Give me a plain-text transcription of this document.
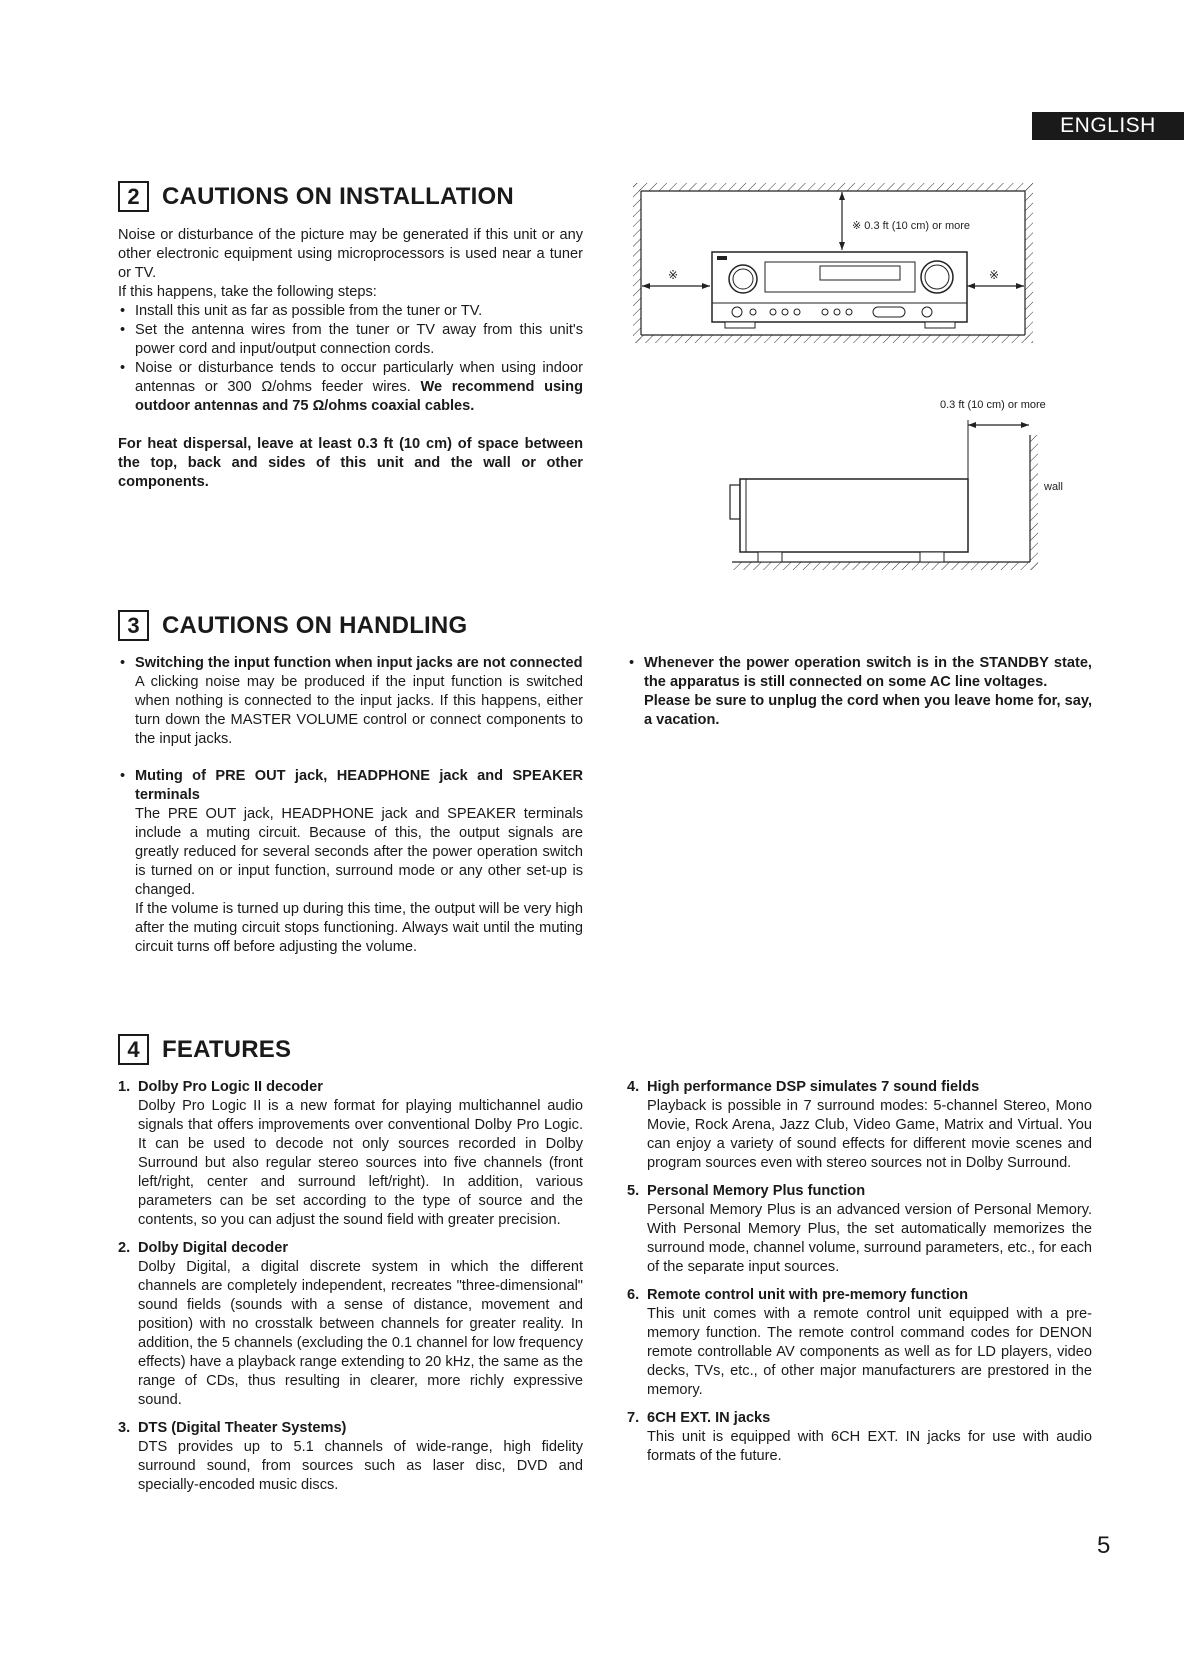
ENGLISH
2 CAUTIONS ON INSTALLATION

Noise or disturbance of the picture may be generated if this unit or any other electronic equipment using microprocessors is used near a tuner or TV.

If this happens, take the following steps:

• Install this unit as far as possible from the tuner or TV.
• Set the antenna wires from the tuner or TV away from this unit's power cord and input/output connection cords.
• Noise or disturbance tends to occur particularly when using indoor antennas or 300 Ω/ohms feeder wires. We recommend using outdoor antennas and 75 Ω/ohms coaxial cables.

For heat dispersal, leave at least 0.3 ft (10 cm) of space between the top, back and sides of this unit and the wall or other components.

※ 0.3 ft (10 cm) or more
※	※
0.3 ft (10 cm) or more
wall
3 CAUTIONS ON HANDLING
• Switching the input function when input jacks are not connected
A clicking noise may be produced if the input function is switched when nothing is connected to the input jacks. If this happens, either turn down the MASTER VOLUME control or connect components to the input jacks.
• Muting of PRE OUT jack, HEADPHONE jack and SPEAKER terminals
The PRE OUT jack, HEADPHONE jack and SPEAKER terminals include a muting circuit. Because of this, the output signals are greatly reduced for several seconds after the power operation switch is turned on or input function, surround mode or any other set-up is changed.
If the volume is turned up during this time, the output will be very high after the muting circuit stops functioning. Always wait until the muting circuit turns off before adjusting the volume.
• Whenever the power operation switch is in the STANDBY state, the apparatus is still connected on some AC line voltages.
Please be sure to unplug the cord when you leave home for, say, a vacation.
4 FEATURES
1. Dolby Pro Logic II decoder
Dolby Pro Logic II is a new format for playing multichannel audio signals that offers improvements over conventional Dolby Pro Logic. It can be used to decode not only sources recorded in Dolby Surround but also regular stereo sources into five channels (front left/right, center and surround left/right). In addition, various parameters can be set according to the type of source and the contents, so you can adjust the sound field with greater precision.
2. Dolby Digital decoder
Dolby Digital, a digital discrete system in which the different channels are completely independent, recreates "three-dimensional" sound fields (sounds with a sense of distance, movement and position) with no crosstalk between channels for greater reality. In addition, the 5 channels (excluding the 0.1 channel for low frequency effects) have a playback range extending to 20 kHz, the same as the range of CDs, thus resulting in clearer, more richly expressive sound.
3. DTS (Digital Theater Systems)
DTS provides up to 5.1 channels of wide-range, high fidelity surround sound, from sources such as laser disc, DVD and specially-encoded music discs.
4. High performance DSP simulates 7 sound fields
Playback is possible in 7 surround modes: 5-channel Stereo, Mono Movie, Rock Arena, Jazz Club, Video Game, Matrix and Virtual. You can enjoy a variety of sound effects for different movie scenes and program sources even with stereo sources not in Dolby Surround.
5. Personal Memory Plus function
Personal Memory Plus is an advanced version of Personal Memory. With Personal Memory Plus, the set automatically memorizes the surround mode, channel volume, surround parameters, etc., for each of the separate input sources.
6. Remote control unit with pre-memory function
This unit comes with a remote control unit equipped with a pre-memory function. The remote control command codes for DENON remote controllable AV components as well as for LD players, video decks, TVs, etc., of other major manufacturers are prestored in the memory.
7. 6CH EXT. IN jacks
This unit is equipped with 6CH EXT. IN jacks for use with audio formats of the future.
5
